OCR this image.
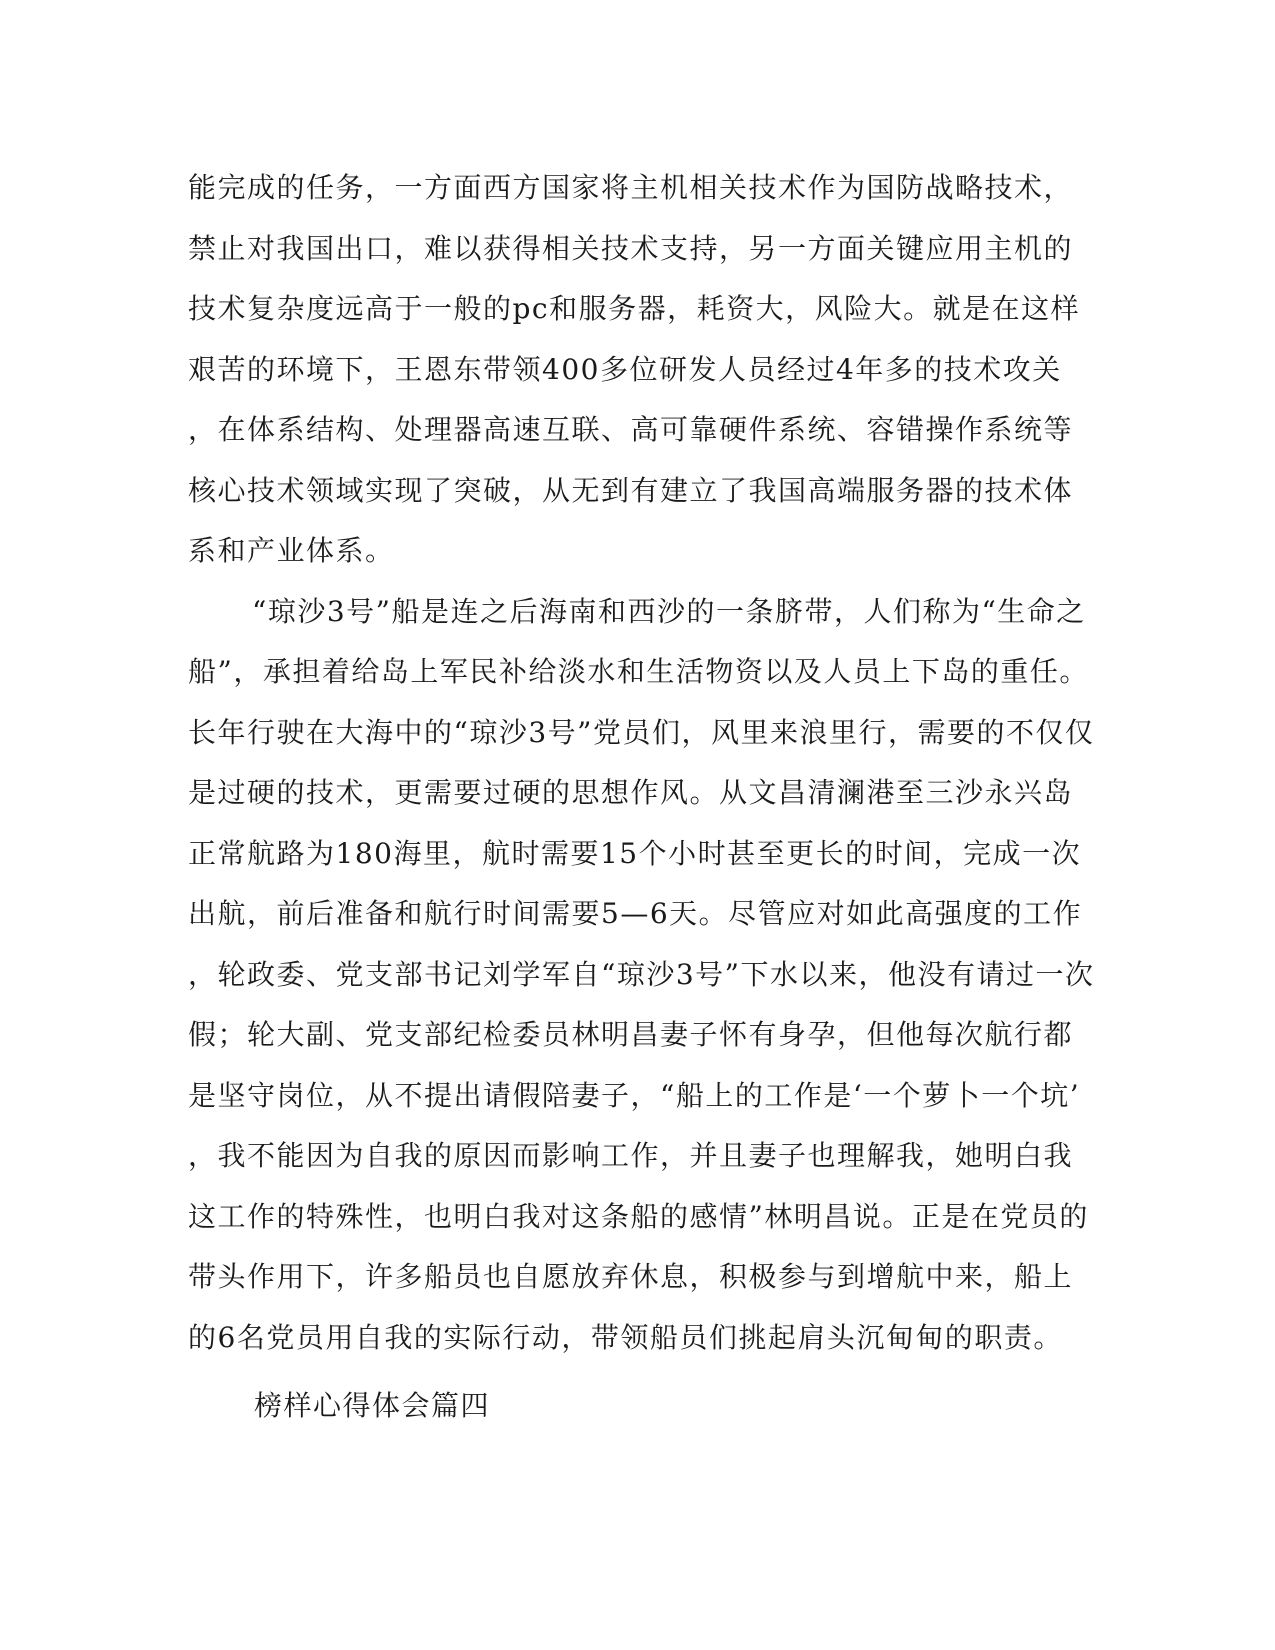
能完成的任务，一方面西方国家将主机相关技术作为国防战略技术，
禁止对我国出口，难以获得相关技术支持，另一方面关键应用主机的
技术复杂度远高于一般的pc和服务器，耗资大，风险大。就是在这样
艰苦的环境下，王恩东带领400多位研发人员经过4年多的技术攻关
，在体系结构、处理器高速互联、高可靠硬件系统、容错操作系统等
核心技术领域实现了突破，从无到有建立了我国高端服务器的技术体
系和产业体系。
“琼沙3号”船是连之后海南和西沙的一条脐带，人们称为“生命之
船”，承担着给岛上军民补给淡水和生活物资以及人员上下岛的重任。
长年行驶在大海中的“琼沙3号”党员们，风里来浪里行，需要的不仅仅
是过硬的技术，更需要过硬的思想作风。从文昌清澜港至三沙永兴岛
正常航路为180海里，航时需要15个小时甚至更长的时间，完成一次
出航，前后准备和航行时间需要5—6天。尽管应对如此高强度的工作
，轮政委、党支部书记刘学军自“琼沙3号”下水以来，他没有请过一次
假；轮大副、党支部纪检委员林明昌妻子怀有身孕，但他每次航行都
是坚守岗位，从不提出请假陪妻子，“船上的工作是‘一个萝卜一个坑’
，我不能因为自我的原因而影响工作，并且妻子也理解我，她明白我
这工作的特殊性，也明白我对这条船的感情”林明昌说。正是在党员的
带头作用下，许多船员也自愿放弃休息，积极参与到增航中来，船上
的6名党员用自我的实际行动，带领船员们挑起肩头沉甸甸的职责。
榜样心得体会篇四
